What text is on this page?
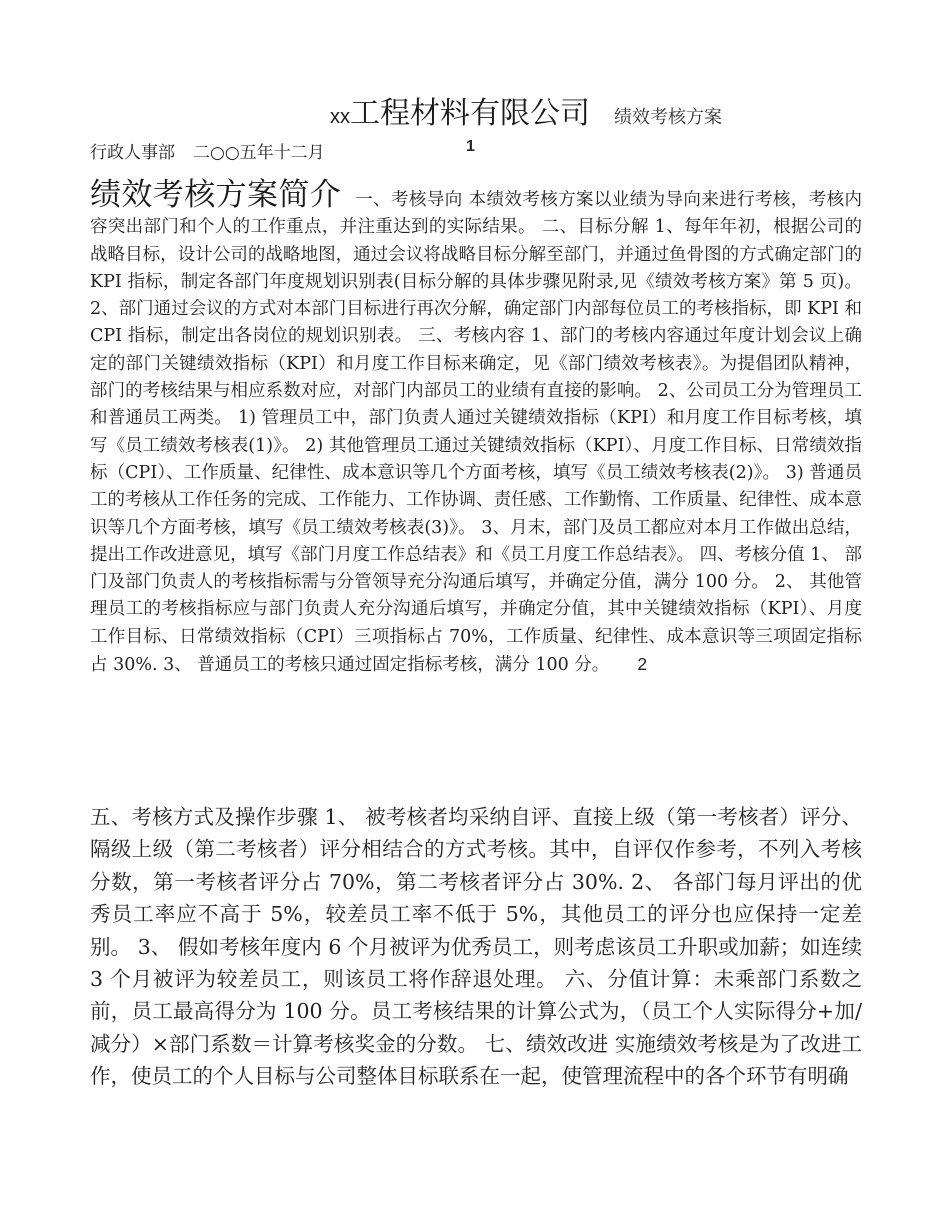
xx工程材料有限公司 绩效考核方案
行政人事部 二○○五年十二月	1
绩效考核方案简介 一、考核导向 本绩效考核方案以业绩为导向来进行考核，考核内容突出部门和个人的工作重点，并注重达到的实际结果。 二、目标分解 1、每年年初，根据公司的战略目标，设计公司的战略地图，通过会议将战略目标分解至部门，并通过鱼骨图的方式确定部门的 KPI 指标，制定各部门年度规划识别表(目标分解的具体步骤见附录,见《绩效考核方案》第 5 页)。 2、部门通过会议的方式对本部门目标进行再次分解，确定部门内部每位员工的考核指标，即 KPI 和 CPI 指标，制定出各岗位的规划识别表。 三、考核内容 1、部门的考核内容通过年度计划会议上确定的部门关键绩效指标（KPI）和月度工作目标来确定，见《部门绩效考核表》。为提倡团队精神，部门的考核结果与相应系数对应，对部门内部员工的业绩有直接的影响。 2、公司员工分为管理员工和普通员工两类。 1) 管理员工中，部门负责人通过关键绩效指标（KPI）和月度工作目标考核，填写《员工绩效考核表(1)》。 2) 其他管理员工通过关键绩效指标（KPI）、月度工作目标、日常绩效指标（CPI）、工作质量、纪律性、成本意识等几个方面考核，填写《员工绩效考核表(2)》。 3) 普通员工的考核从工作任务的完成、工作能力、工作协调、责任感、工作勤惰、工作质量、纪律性、成本意识等几个方面考核，填写《员工绩效考核表(3)》。 3、月末，部门及员工都应对本月工作做出总结，提出工作改进意见，填写《部门月度工作总结表》和《员工月度工作总结表》。 四、考核分值 1、 部门及部门负责人的考核指标需与分管领导充分沟通后填写，并确定分值，满分 100 分。 2、 其他管理员工的考核指标应与部门负责人充分沟通后填写，并确定分值，其中关键绩效指标（KPI）、月度工作目标、日常绩效指标（CPI）三项指标占 70%，工作质量、纪律性、成本意识等三项固定指标占 30%. 3、 普通员工的考核只通过固定指标考核，满分 100 分。 2
五、考核方式及操作步骤 1、 被考核者均采纳自评、直接上级（第一考核者）评分、隔级上级（第二考核者）评分相结合的方式考核。其中，自评仅作参考，不列入考核分数，第一考核者评分占 70%，第二考核者评分占 30%. 2、 各部门每月评出的优秀员工率应不高于 5%，较差员工率不低于 5%，其他员工的评分也应保持一定差别。 3、 假如考核年度内 6 个月被评为优秀员工，则考虑该员工升职或加薪；如连续 3 个月被评为较差员工，则该员工将作辞退处理。 六、分值计算：未乘部门系数之前，员工最高得分为 100 分。员工考核结果的计算公式为，（员工个人实际得分+加/减分）×部门系数＝计算考核奖金的分数。 七、绩效改进 实施绩效考核是为了改进工作，使员工的个人目标与公司整体目标联系在一起，使管理流程中的各个环节有明确
